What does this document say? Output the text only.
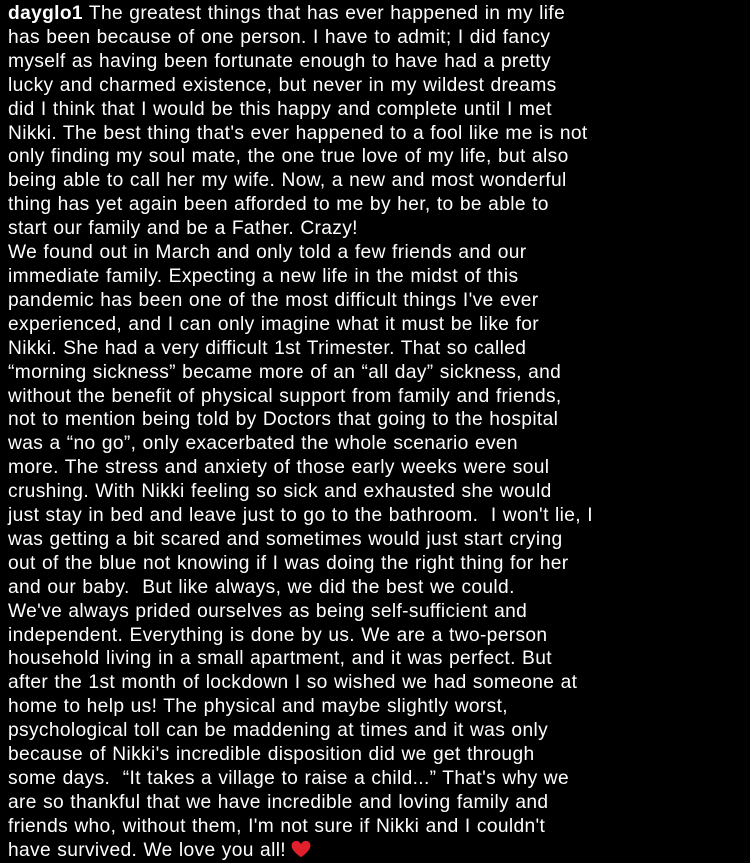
dayglo1 The greatest things that has ever happened in my life
has been because of one person. I have to admit; I did fancy
myself as having been fortunate enough to have had a pretty
lucky and charmed existence, but never in my wildest dreams
did I think that I would be this happy and complete until I met
Nikki. The best thing that's ever happened to a fool like me is not
only finding my soul mate, the one true love of my life, but also
being able to call her my wife. Now, a new and most wonderful
thing has yet again been afforded to me by her, to be able to
start our family and be a Father. Crazy!
We found out in March and only told a few friends and our
immediate family. Expecting a new life in the midst of this
pandemic has been one of the most difficult things I've ever
experienced, and I can only imagine what it must be like for
Nikki. She had a very difficult 1st Trimester. That so called
“morning sickness” became more of an “all day” sickness, and
without the benefit of physical support from family and friends,
not to mention being told by Doctors that going to the hospital
was a “no go”, only exacerbated the whole scenario even
more. The stress and anxiety of those early weeks were soul
crushing. With Nikki feeling so sick and exhausted she would
just stay in bed and leave just to go to the bathroom.  I won't lie, I
was getting a bit scared and sometimes would just start crying
out of the blue not knowing if I was doing the right thing for her
and our baby.  But like always, we did the best we could.
We've always prided ourselves as being self-sufficient and
independent. Everything is done by us. We are a two-person
household living in a small apartment, and it was perfect. But
after the 1st month of lockdown I so wished we had someone at
home to help us! The physical and maybe slightly worst,
psychological toll can be maddening at times and it was only
because of Nikki's incredible disposition did we get through
some days.  “It takes a village to raise a child...” That's why we
are so thankful that we have incredible and loving family and
friends who, without them, I'm not sure if Nikki and I couldn't
have survived. We love you all!
